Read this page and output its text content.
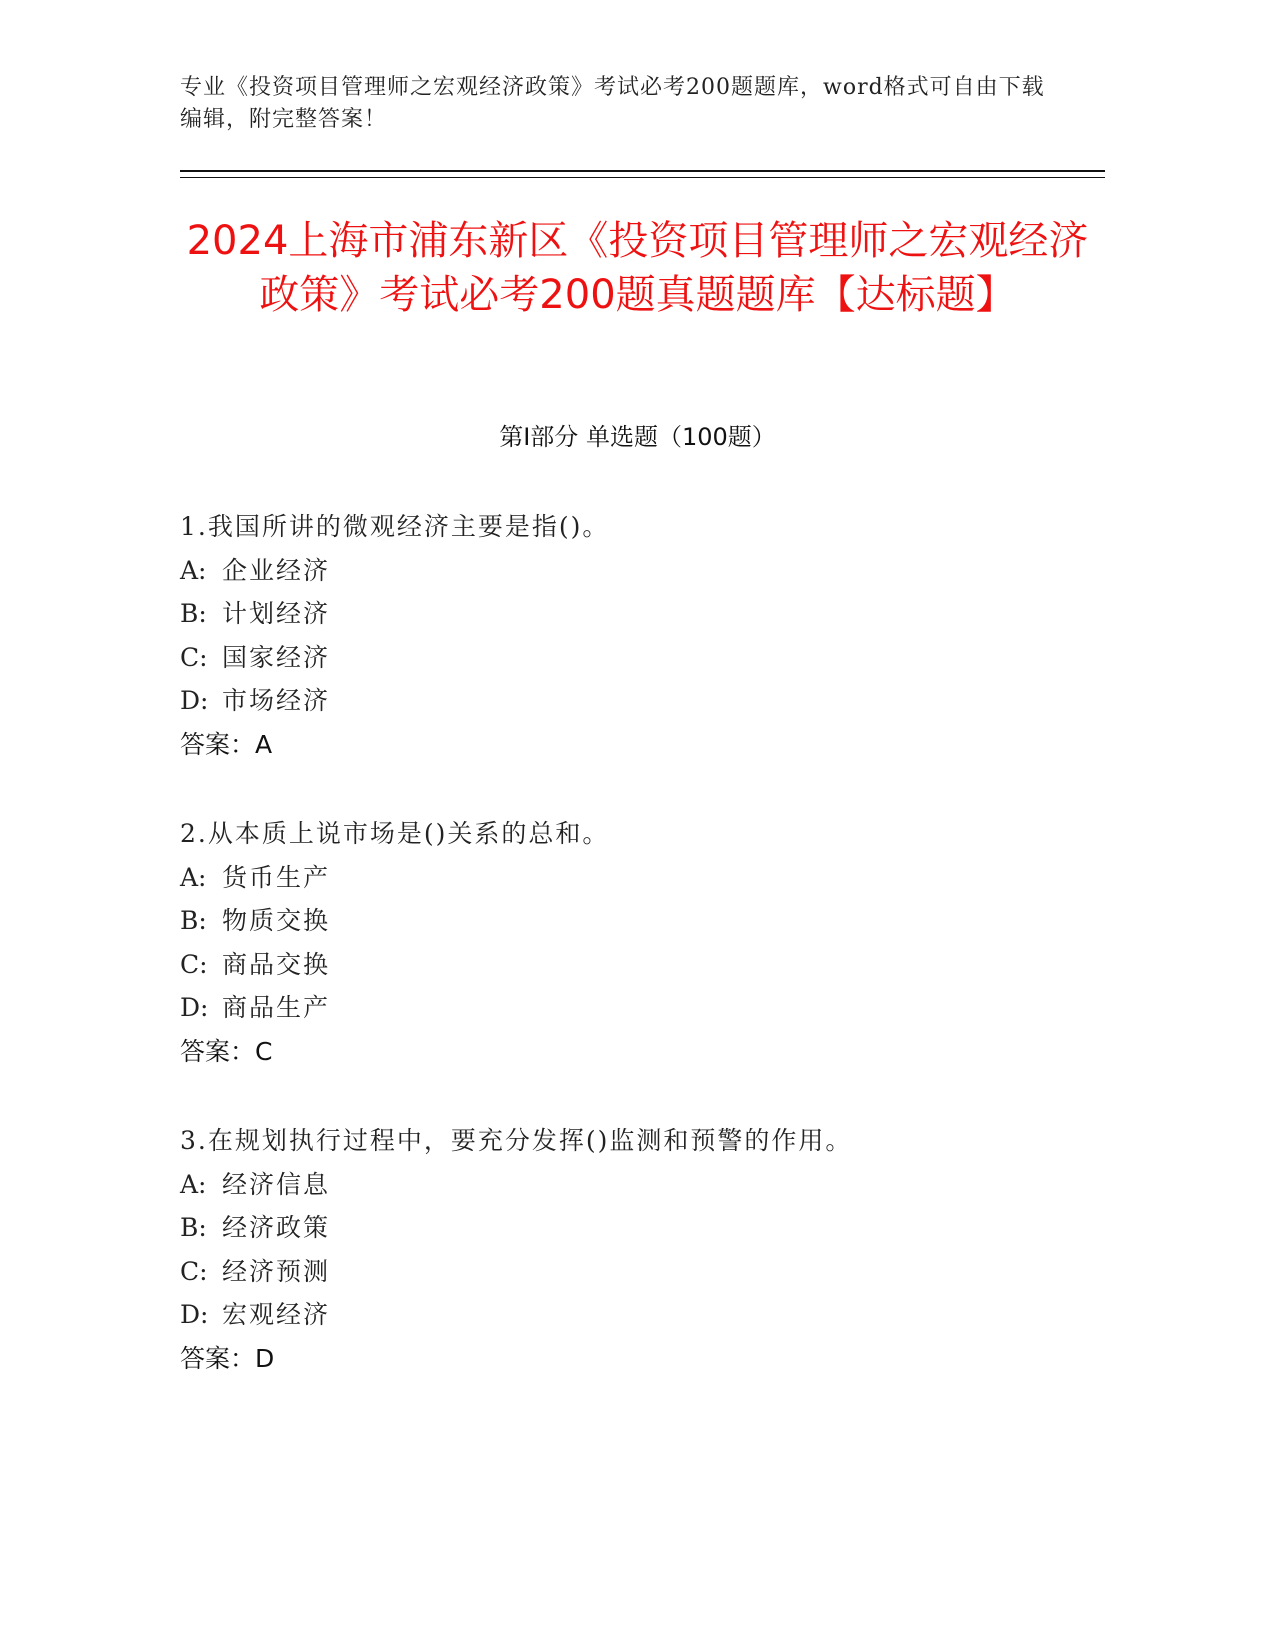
专业《投资项目管理师之宏观经济政策》考试必考200题题库，word格式可自由下载编辑，附完整答案！
2024上海市浦东新区《投资项目管理师之宏观经济政策》考试必考200题真题题库【达标题】
第I部分 单选题（100题）
1.我国所讲的微观经济主要是指()。
A: 企业经济
B: 计划经济
C: 国家经济
D: 市场经济
答案：A
2.从本质上说市场是()关系的总和。
A: 货币生产
B: 物质交换
C: 商品交换
D: 商品生产
答案：C
3.在规划执行过程中，要充分发挥()监测和预警的作用。
A: 经济信息
B: 经济政策
C: 经济预测
D: 宏观经济
答案：D
